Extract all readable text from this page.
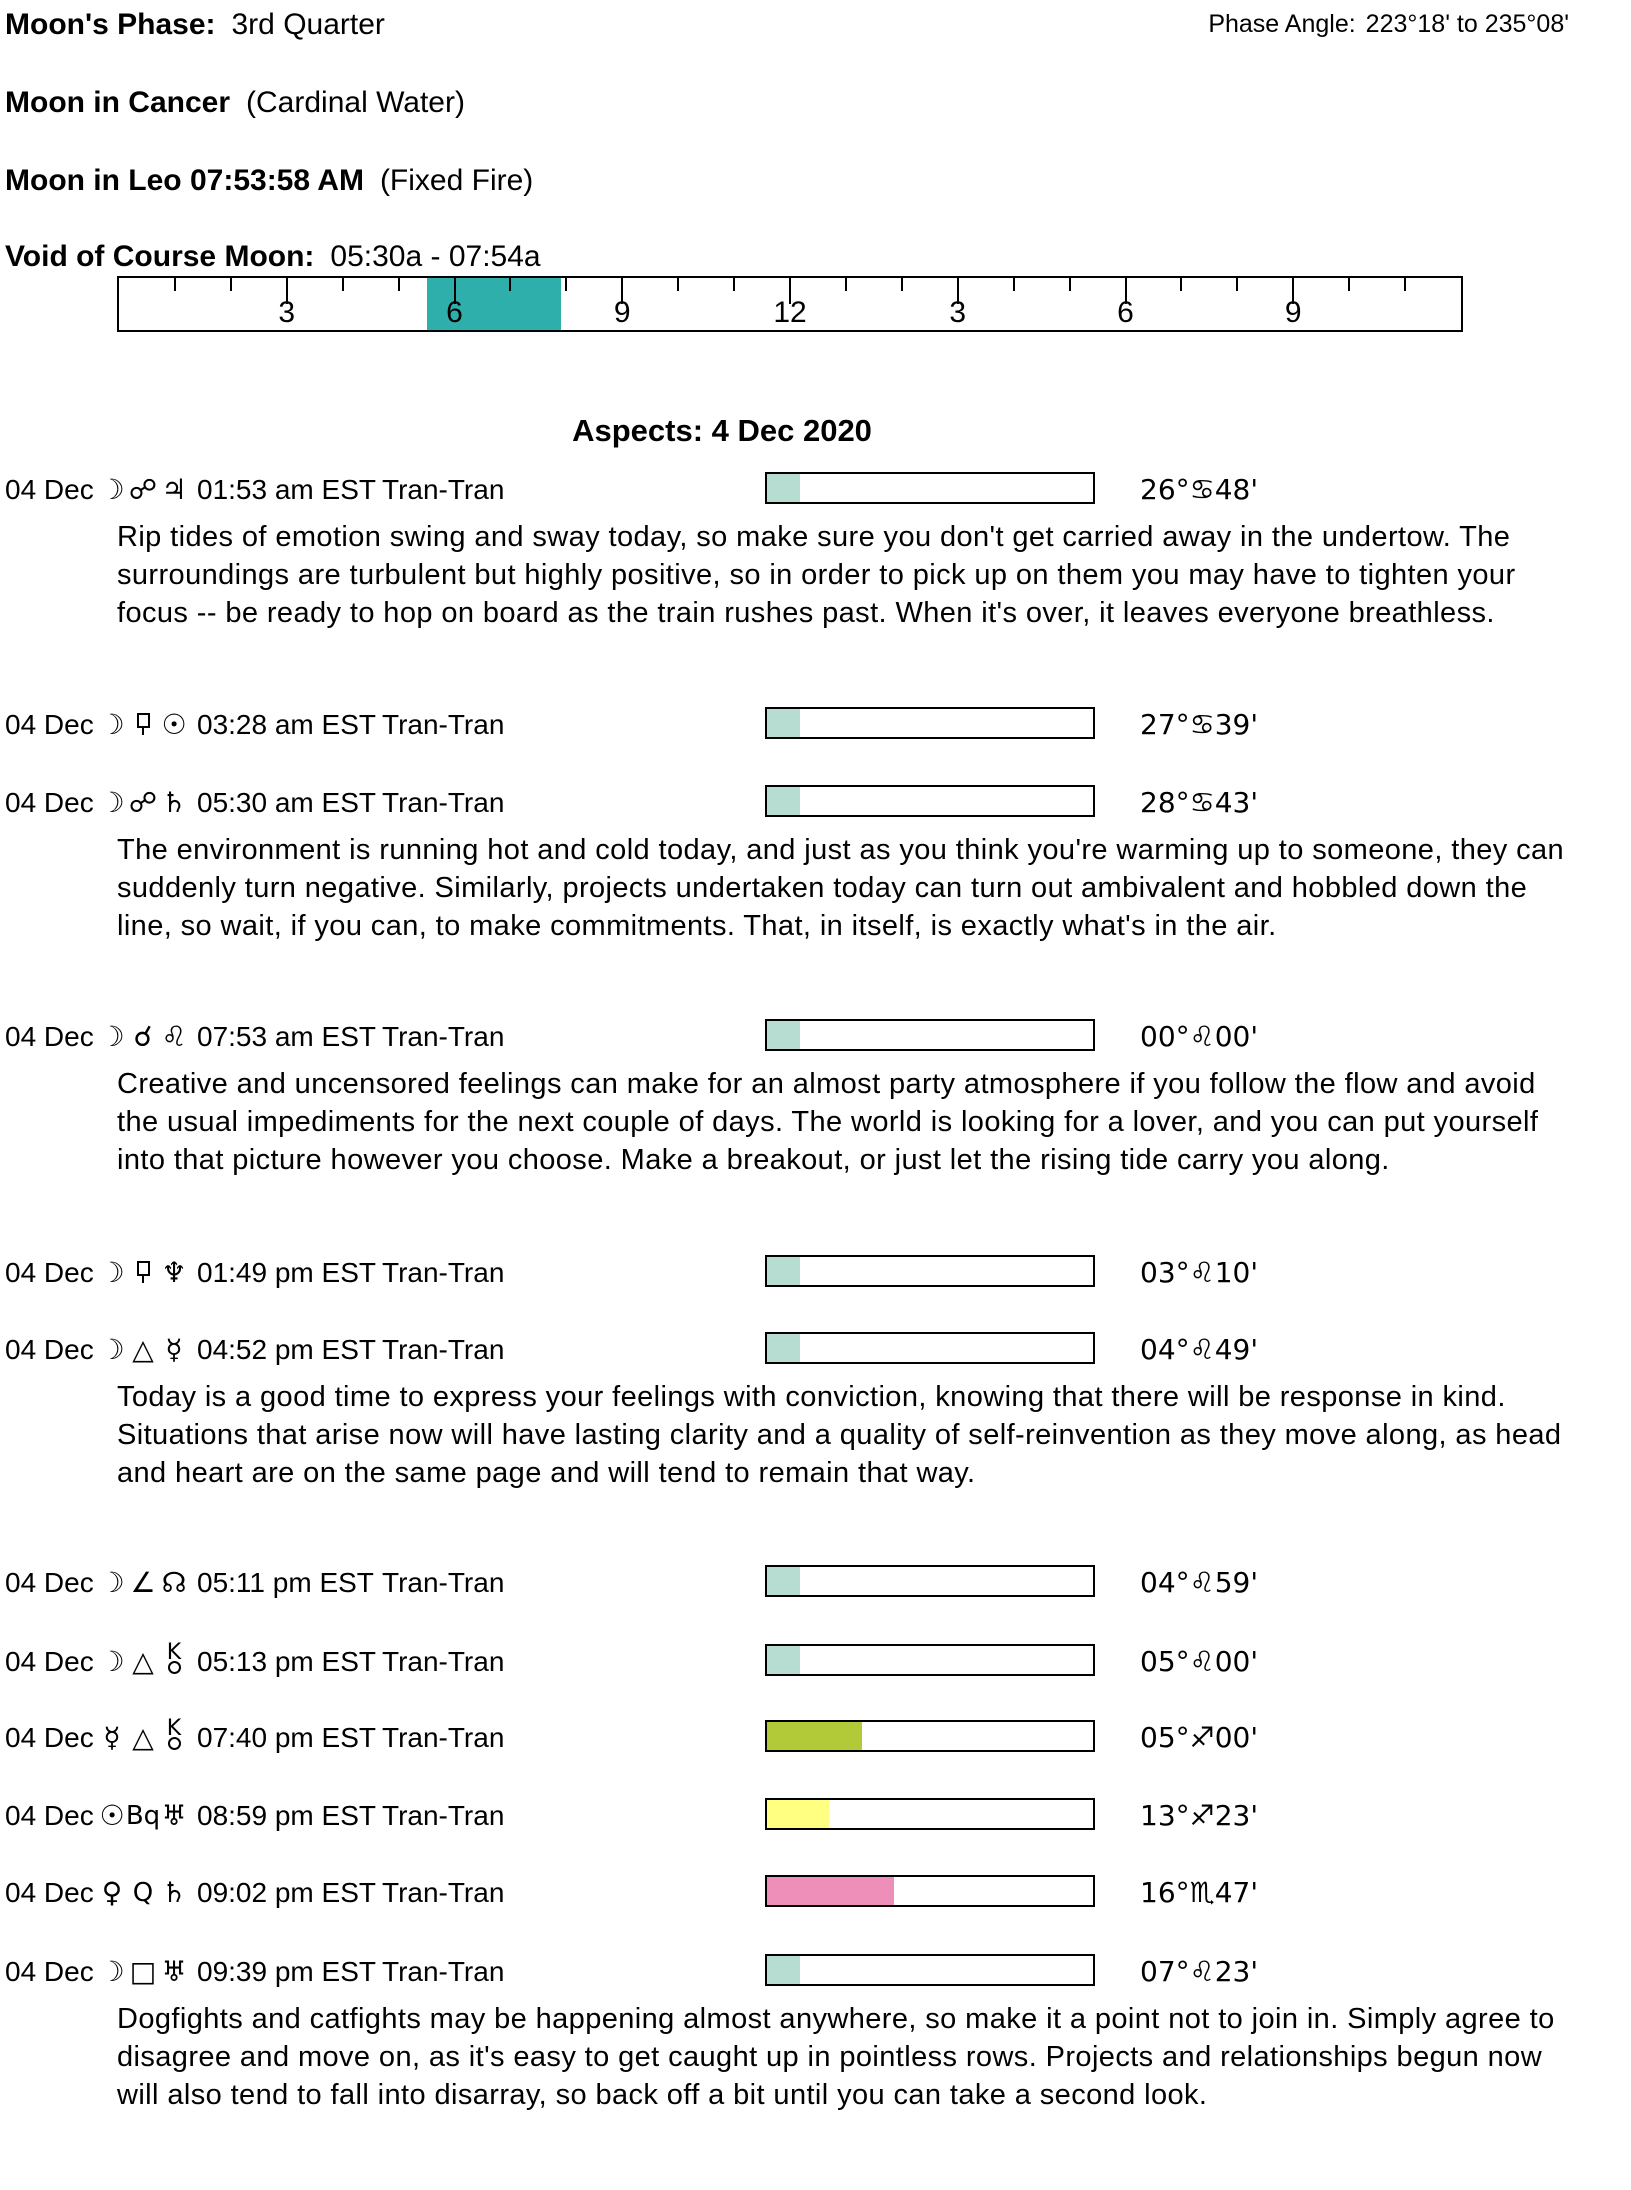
Moon's Phase: 3rd Quarter	Phase Angle: 223°18' to 235°08'
Moon in Cancer (Cardinal Water)
Moon in Leo 07:53:58 AM (Fixed Fire)
Void of Course Moon: 05:30a - 07:54a
3	6	9	12	3	6	9
Aspects: 4 Dec 2020
04 Dec ☽ ☍ ♃ 01:53 am EST Tran-Tran	26°♋48'
Rip tides of emotion swing and sway today, so make sure you don't get carried away in the undertow. The surroundings are turbulent but highly positive, so in order to pick up on them you may have to tighten your focus -- be ready to hop on board as the train rushes past. When it's over, it leaves everyone breathless.
04 Dec ☽	☉ 03:28 am EST Tran-Tran	27°♋39'
04 Dec ☽ ☍ ♄ 05:30 am EST Tran-Tran	28°♋43'
The environment is running hot and cold today, and just as you think you're warming up to someone, they can suddenly turn negative. Similarly, projects undertaken today can turn out ambivalent and hobbled down the line, so wait, if you can, to make commitments. That, in itself, is exactly what's in the air.
04 Dec ☽ ☌ ♌ 07:53 am EST Tran-Tran	00°♌00'
Creative and uncensored feelings can make for an almost party atmosphere if you follow the flow and avoid the usual impediments for the next couple of days. The world is looking for a lover, and you can put yourself into that picture however you choose. Make a breakout, or just let the rising tide carry you along.
04 Dec ☽	♆ 01:49 pm EST Tran-Tran	03°♌10'
04 Dec ☽ △ ☿ 04:52 pm EST Tran-Tran	04°♌49'
Today is a good time to express your feelings with conviction, knowing that there will be response in kind. Situations that arise now will have lasting clarity and a quality of self-reinvention as they move along, as head and heart are on the same page and will tend to remain that way.
04 Dec ☽ ∠ ☊ 05:11 pm EST Tran-Tran	04°♌59'
04 Dec ☽ △ K 05:13 pm EST Tran-Tran	05°♌00'
04 Dec ☿ △ K 07:40 pm EST Tran-Tran	05°♐00'
04 Dec ☉ Bq ♅ 08:59 pm EST Tran-Tran	13°♐23'
04 Dec ♀ Q ♄ 09:02 pm EST Tran-Tran	16°♏47'
04 Dec ☽ □ ♅ 09:39 pm EST Tran-Tran	07°♌23'
Dogfights and catfights may be happening almost anywhere, so make it a point not to join in. Simply agree to disagree and move on, as it's easy to get caught up in pointless rows. Projects and relationships begun now will also tend to fall into disarray, so back off a bit until you can take a second look.
